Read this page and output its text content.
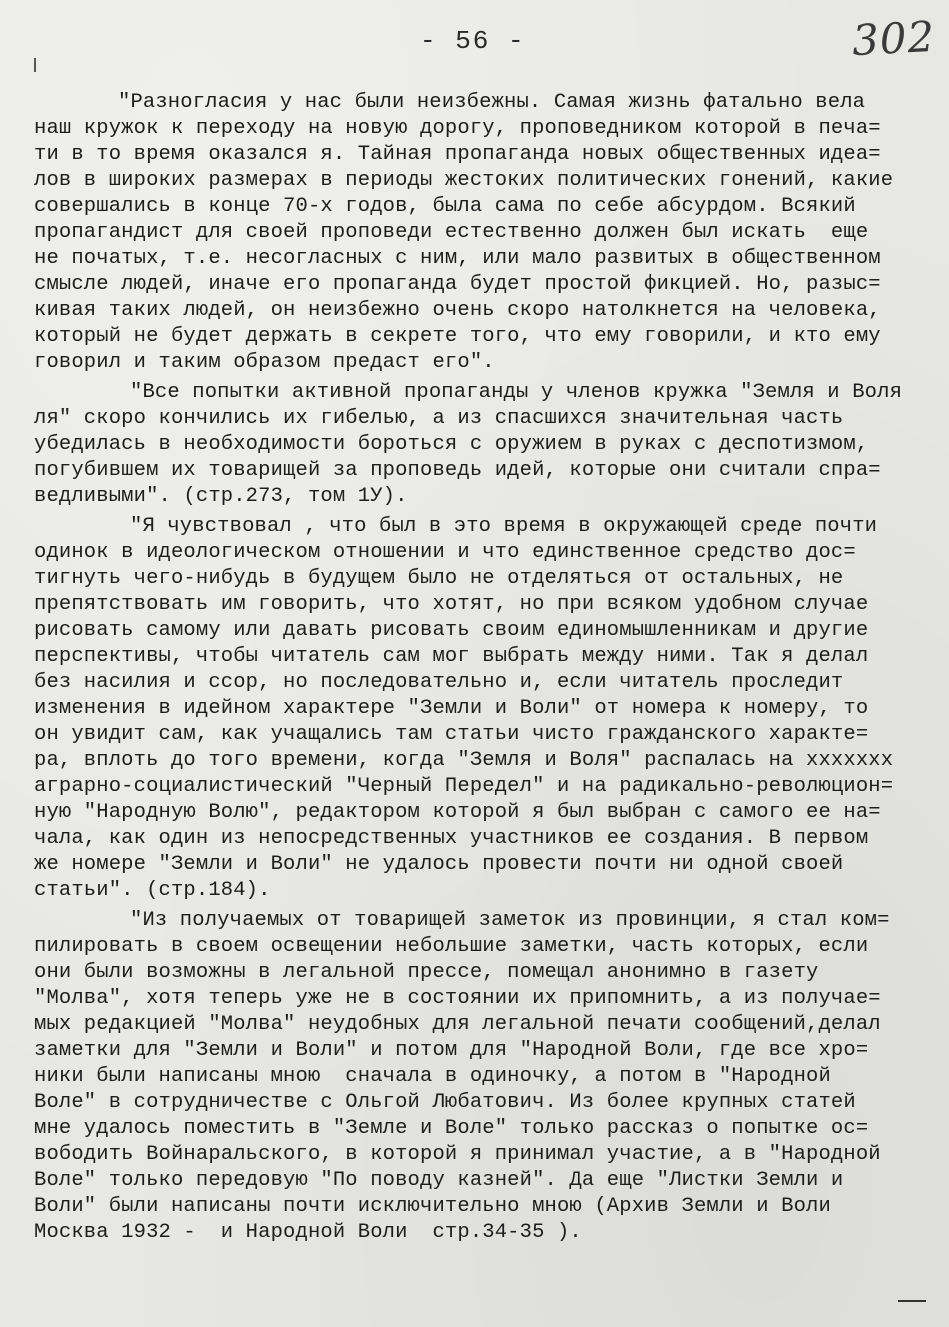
- 56 -	302
"Разногласия у нас были неизбежны. Самая жизнь фатально вела
наш кружок к переходу на новую дорогу, проповедником которой в печа=
ти в то время оказался я. Тайная пропаганда новых общественных идеа=
лов в широких размерах в периоды жестоких политических гонений, какие
совершались в конце 70-х годов, была сама по себе абсурдом. Всякий
пропагандист для своей проповеди естественно должен был искать  еще
не початых, т.е. несогласных с ним, или мало развитых в общественном
смысле людей, иначе его пропаганда будет простой фикцией. Но, разыс=
кивая таких людей, он неизбежно очень скоро натолкнется на человека,
который не будет держать в секрете того, что ему говорили, и кто ему
говорил и таким образом предаст его".
"Все попытки активной пропаганды у членов кружка "Земля и Воля
ля" скоро кончились их гибелью, а из спасшихся значительная часть
убедилась в необходимости бороться с оружием в руках с деспотизмом,
погубившем их товарищей за проповедь идей, которые они считали спра=
ведливыми". (стр.273, том 1У).
"Я чувствовал , что был в это время в окружающей среде почти
одинок в идеологическом отношении и что единственное средство дос=
тигнуть чего-нибудь в будущем было не отделяться от остальных, не
препятствовать им говорить, что хотят, но при всяком удобном случае
рисовать самому или давать рисовать своим единомышленникам и другие
перспективы, чтобы читатель сам мог выбрать между ними. Так я делал
без насилия и ссор, но последовательно и, если читатель проследит
изменения в идейном характере "Земли и Воли" от номера к номеру, то
он увидит сам, как учащались там статьи чисто гражданского характе=
ра, вплоть до того времени, когда "Земля и Воля" распалась на ххххххх
аграрно-социалистический "Черный Передел" и на радикально-революцион=
ную "Народную Волю", редактором которой я был выбран с самого ее на=
чала, как один из непосредственных участников ее создания. В первом
же номере "Земли и Воли" не удалось провести почти ни одной своей
статьи". (стр.184).
"Из получаемых от товарищей заметок из провинции, я стал ком=
пилировать в своем освещении небольшие заметки, часть которых, если
они были возможны в легальной прессе, помещал анонимно в газету
"Молва", хотя теперь уже не в состоянии их припомнить, а из получае=
мых редакцией "Молва" неудобных для легальной печати сообщений,делал
заметки для "Земли и Воли" и потом для "Народной Воли, где все хро=
ники были написаны мною  сначала в одиночку, а потом в "Народной
Воле" в сотрудничестве с Ольгой Любатович. Из более крупных статей
мне удалось поместить в "Земле и Воле" только рассказ о попытке ос=
вободить Войнаральского, в которой я принимал участие, а в "Народной
Воле" только передовую "По поводу казней". Да еще "Листки Земли и
Воли" были написаны почти исключительно мною (Архив Земли и Воли
Москва 1932 -  и Народной Воли  стр.34-35 ).
